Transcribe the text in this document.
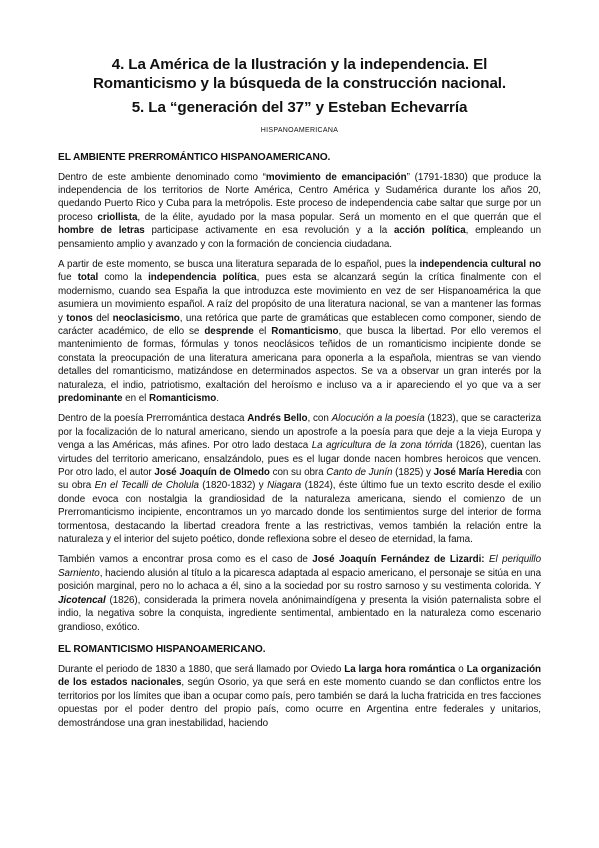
4. La América de la Ilustración y la independencia. El
Romanticismo y la búsqueda de la construcción nacional.
5. La “generación del 37” y Esteban Echevarría
HISPANOAMERICANA
EL AMBIENTE PRERROMÁNTICO HISPANOAMERICANO.

Dentro de este ambiente denominado como “movimiento de emancipación” (1791-1830) que produce la independencia de los territorios de Norte América, Centro América y Sudamérica durante los años 20, quedando Puerto Rico y Cuba para la metrópolis. Este proceso de independencia cabe saltar que surge por un proceso criollista, de la élite, ayudado por la masa popular. Será un momento en el que querrán que el hombre de letras participase activamente en esa revolución y a la acción política, empleando un pensamiento amplio y avanzado y con la formación de conciencia ciudadana.

A partir de este momento, se busca una literatura separada de lo español, pues la independencia cultural no fue total como la independencia política, pues esta se alcanzará según la crítica finalmente con el modernismo, cuando sea España la que introduzca este movimiento en vez de ser Hispanoamérica la que asumiera un movimiento español. A raíz del propósito de una literatura nacional, se van a mantener las formas y tonos del neoclasicismo, una retórica que parte de gramáticas que establecen como componer, siendo de carácter académico, de ello se desprende el Romanticismo, que busca la libertad. Por ello veremos el mantenimiento de formas, fórmulas y tonos neoclásicos teñidos de un romanticismo incipiente donde se constata la preocupación de una literatura americana para oponerla a la española, mientras se van viendo detalles del romanticismo, matizándose en determinados aspectos. Se va a observar un gran interés por la naturaleza, el indio, patriotismo, exaltación del heroísmo e incluso va a ir apareciendo el yo que va a ser predominante en el Romanticismo.

Dentro de la poesía Prerromántica destaca Andrés Bello, con Alocución a la poesía (1823), que se caracteriza por la focalización de lo natural americano, siendo un apostrofe a la poesía para que deje a la vieja Europa y venga a las Américas, más afines. Por otro lado destaca La agricultura de la zona tórrida (1826), cuentan las virtudes del territorio americano, ensalzándolo, pues es el lugar donde nacen hombres heroicos que vencen. Por otro lado, el autor José Joaquín de Olmedo con su obra Canto de Junín (1825) y José María Heredia con su obra En el Tecalli de Cholula (1820-1832) y Niagara (1824), éste último fue un texto escrito desde el exilio donde evoca con nostalgia la grandiosidad de la naturaleza americana, siendo el comienzo de un Prerromanticismo incipiente, encontramos un yo marcado donde los sentimientos surge del interior de forma tormentosa, destacando la libertad creadora frente a las restrictivas, vemos también la relación entre la naturaleza y el interior del sujeto poético, donde reflexiona sobre el deseo de eternidad, la fama.

También vamos a encontrar prosa como es el caso de José Joaquín Fernández de Lizardi: El periquillo Sarniento, haciendo alusión al título a la picaresca adaptada al espacio americano, el personaje se sitúa en una posición marginal, pero no lo achaca a él, sino a la sociedad por su rostro sarnoso y su vestimenta colorida. Y Jicotencal (1826), considerada la primera novela anónimaindígena y presenta la visión paternalista sobre el indio, la negativa sobre la conquista, ingrediente sentimental, ambientado en la naturaleza como escenario grandioso, exótico.

EL ROMANTICISMO HISPANOAMERICANO.

Durante el periodo de 1830 a 1880, que será llamado por Oviedo La larga hora romántica o La organización de los estados nacionales, según Osorio, ya que será en este momento cuando se dan conflictos entre los territorios por los límites que iban a ocupar como país, pero también se dará la lucha fratricida en tres facciones opuestas por el poder dentro del propio país, como ocurre en Argentina entre federales y unitarios, demostrándose una gran inestabilidad, haciendo
